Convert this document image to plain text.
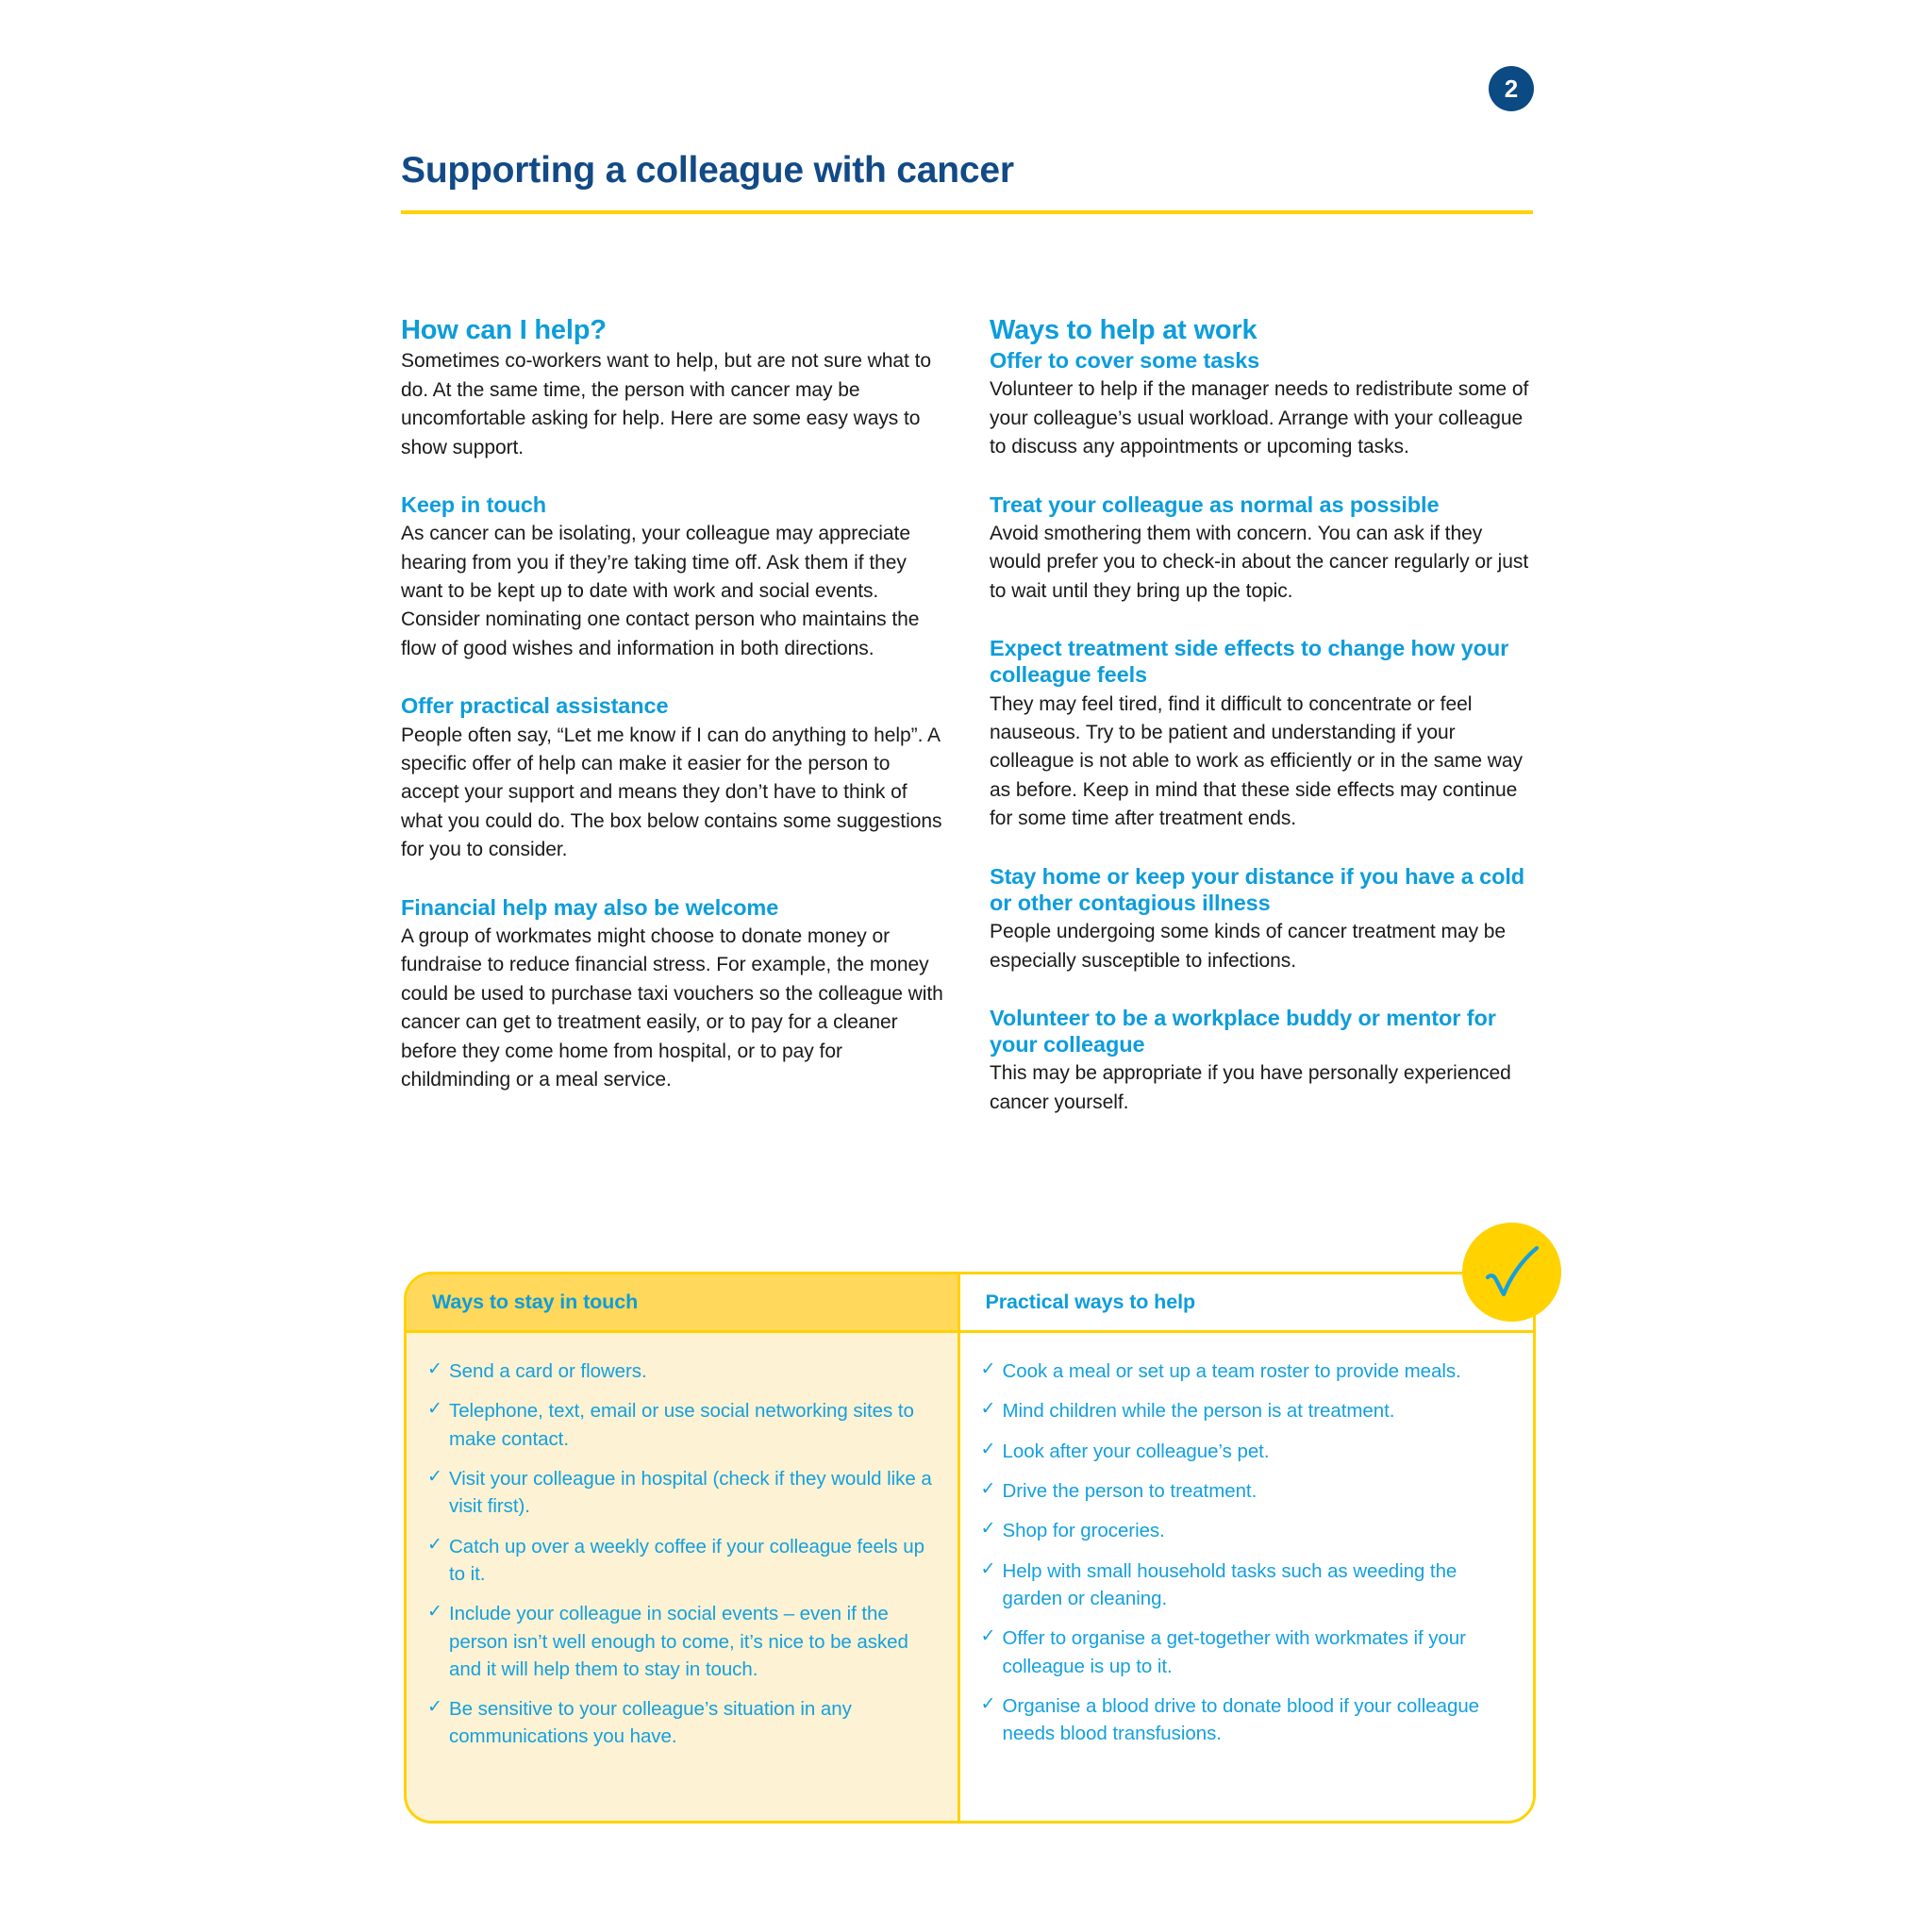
2
Supporting a colleague with cancer
How can I help?

Sometimes co-workers want to help, but are not sure what to do. At the same time, the person with cancer may be uncomfortable asking for help. Here are some easy ways to show support.

Keep in touch

As cancer can be isolating, your colleague may appreciate hearing from you if they’re taking time off. Ask them if they want to be kept up to date with work and social events. Consider nominating one contact person who maintains the flow of good wishes and information in both directions.

Offer practical assistance

People often say, “Let me know if I can do anything to help”. A specific offer of help can make it easier for the person to accept your support and means they don’t have to think of what you could do. The box below contains some suggestions for you to consider.

Financial help may also be welcome

A group of workmates might choose to donate money or fundraise to reduce financial stress. For example, the money could be used to purchase taxi vouchers so the colleague with cancer can get to treatment easily, or to pay for a cleaner before they come home from hospital, or to pay for childminding or a meal service.

Ways to help at work
Offer to cover some tasks

Volunteer to help if the manager needs to redistribute some of your colleague’s usual workload. Arrange with your colleague to discuss any appointments or upcoming tasks.

Treat your colleague as normal as possible

Avoid smothering them with concern. You can ask if they would prefer you to check-in about the cancer regularly or just to wait until they bring up the topic.

Expect treatment side effects to change how your colleague feels

They may feel tired, find it difficult to concentrate or feel nauseous. Try to be patient and understanding if your colleague is not able to work as efficiently or in the same way as before. Keep in mind that these side effects may continue for some time after treatment ends.

Stay home or keep your distance if you have a cold or other contagious illness

People undergoing some kinds of cancer treatment may be especially susceptible to infections.

Volunteer to be a workplace buddy or mentor for your colleague

This may be appropriate if you have personally experienced cancer yourself.

Ways to stay in touch
✓ Send a card or flowers.
✓ Telephone, text, email or use social networking sites to make contact.
✓ Visit your colleague in hospital (check if they would like a visit first).
✓ Catch up over a weekly coffee if your colleague feels up to it.
✓ Include your colleague in social events – even if the person isn’t well enough to come, it’s nice to be asked and it will help them to stay in touch.
✓ Be sensitive to your colleague’s situation in any communications you have.
Practical ways to help
✓ Cook a meal or set up a team roster to provide meals.
✓ Mind children while the person is at treatment.
✓ Look after your colleague’s pet.
✓ Drive the person to treatment.
✓ Shop for groceries.
✓ Help with small household tasks such as weeding the garden or cleaning.
✓ Offer to organise a get-together with workmates if your colleague is up to it.
✓ Organise a blood drive to donate blood if your colleague needs blood transfusions.
